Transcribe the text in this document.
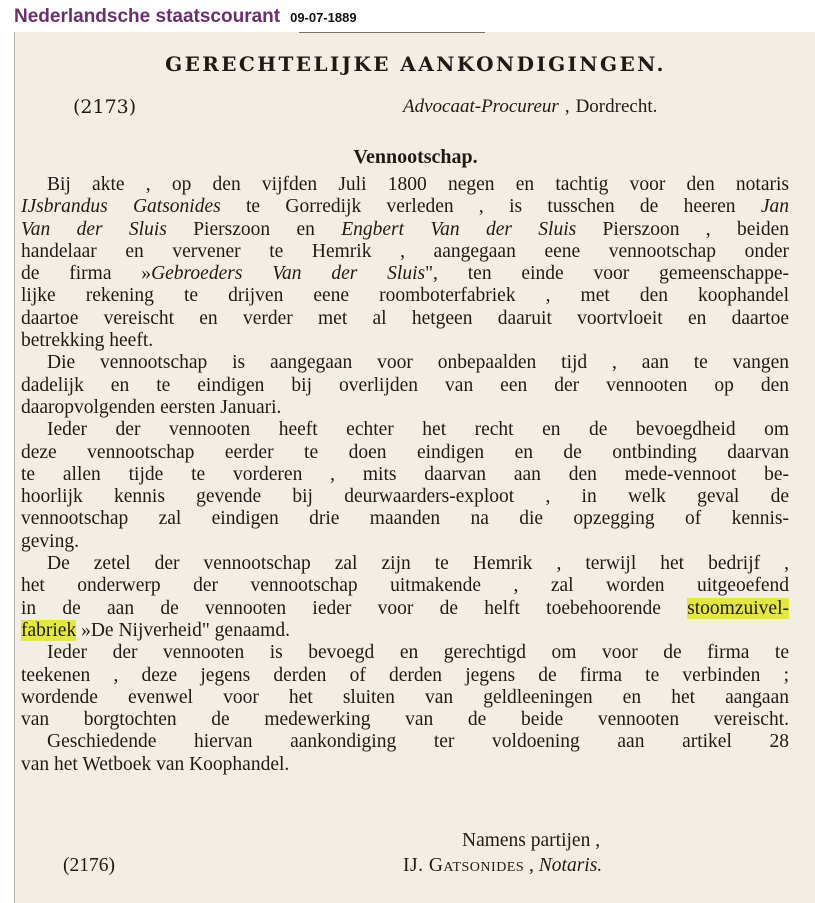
Nederlandsche staatscourant 09-07-1889
GERECHTELIJKE AANKONDIGINGEN.
(2173)	Advocaat-Procureur , Dordrecht.
Vennootschap.
Bij akte , op den vijfden Juli 1800 negen en tachtig voor den notaris
IJsbrandus Gatsonides te Gorredijk verleden , is tusschen de heeren Jan
Van der Sluis Pierszoon en Engbert Van der Sluis Pierszoon , beiden
handelaar en vervener te Hemrik , aangegaan eene vennootschap onder
de firma »Gebroeders Van der Sluis", ten einde voor gemeenschappe-
lijke rekening te drijven eene roomboterfabriek , met den koophandel
daartoe vereischt en verder met al hetgeen daaruit voortvloeit en daartoe
betrekking heeft.
Die vennootschap is aangegaan voor onbepaalden tijd , aan te vangen
dadelijk en te eindigen bij overlijden van een der vennooten op den
daaropvolgenden eersten Januari.
Ieder der vennooten heeft echter het recht en de bevoegdheid om
deze vennootschap eerder te doen eindigen en de ontbinding daarvan
te allen tijde te vorderen , mits daarvan aan den mede-vennoot be-
hoorlijk kennis gevende bij deurwaarders-exploot , in welk geval de
vennootschap zal eindigen drie maanden na die opzegging of kennis-
geving.
De zetel der vennootschap zal zijn te Hemrik , terwijl het bedrijf ,
het onderwerp der vennootschap uitmakende , zal worden uitgeoefend
in de aan de vennooten ieder voor de helft toebehoorende stoomzuivel-
fabriek »De Nijverheid" genaamd.
Ieder der vennooten is bevoegd en gerechtigd om voor de firma te
teekenen , deze jegens derden of derden jegens de firma te verbinden ;
wordende evenwel voor het sluiten van geldleeningen en het aangaan
van borgtochten de medewerking van de beide vennooten vereischt.
Geschiedende hiervan aankondiging ter voldoening aan artikel 28
van het Wetboek van Koophandel.
Namens partijen ,
(2176)	IJ. Gatsonides , Notaris.
